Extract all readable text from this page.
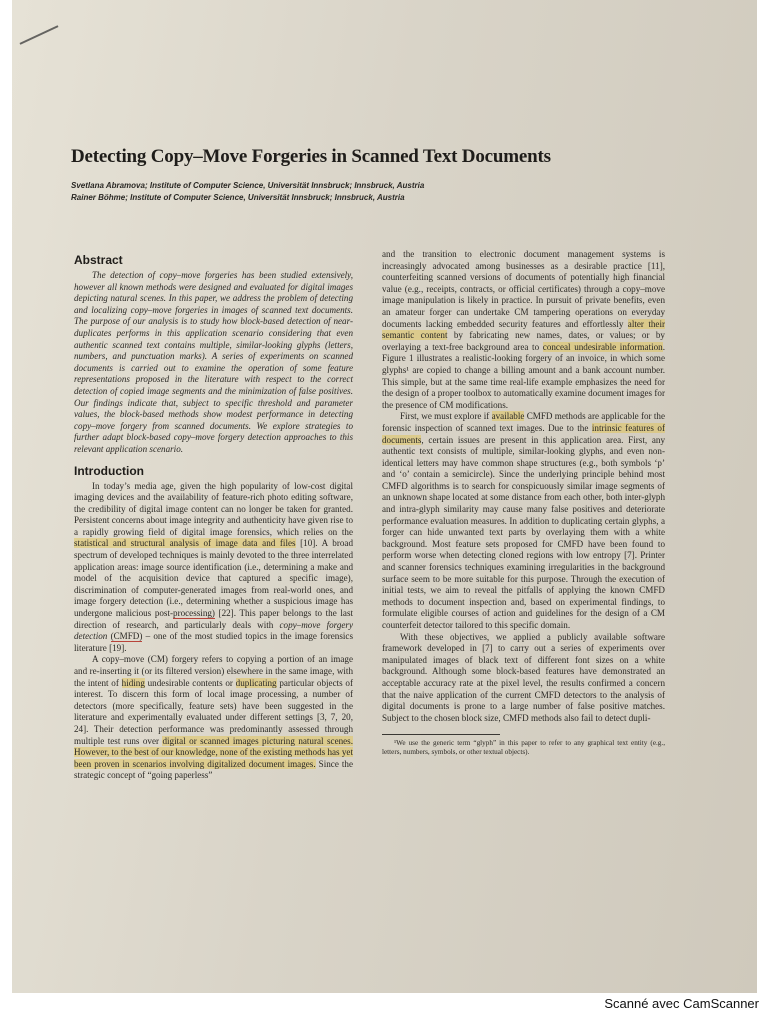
Detecting Copy–Move Forgeries in Scanned Text Documents
Svetlana Abramova; Institute of Computer Science, Universität Innsbruck; Innsbruck, Austria
Rainer Böhme; Institute of Computer Science, Universität Innsbruck; Innsbruck, Austria
Abstract

The detection of copy–move forgeries has been studied extensively, however all known methods were designed and evaluated for digital images depicting natural scenes. In this paper, we address the problem of detecting and localizing copy–move forgeries in images of scanned text documents. The purpose of our analysis is to study how block-based detection of near-duplicates performs in this application scenario considering that even authentic scanned text contains multiple, similar-looking glyphs (letters, numbers, and punctuation marks). A series of experiments on scanned documents is carried out to examine the operation of some feature representations proposed in the literature with respect to the correct detection of copied image segments and the minimization of false positives. Our findings indicate that, subject to specific threshold and parameter values, the block-based methods show modest performance in detecting copy–move forgery from scanned documents. We explore strategies to further adapt block-based copy–move forgery detection approaches to this relevant application scenario.

Introduction

In today’s media age, given the high popularity of low-cost digital imaging devices and the availability of feature-rich photo editing software, the credibility of digital image content can no longer be taken for granted. Persistent concerns about image integrity and authenticity have given rise to a rapidly growing field of digital image forensics, which relies on the statistical and structural analysis of image data and files [10]. A broad spectrum of developed techniques is mainly devoted to the three interrelated application areas: image source identification (i.e., determining a make and model of the acquisition device that captured a specific image), discrimination of computer-generated images from real-world ones, and image forgery detection (i.e., determining whether a suspicious image has undergone malicious post-processing) [22]. This paper belongs to the last direction of research, and particularly deals with copy–move forgery detection (CMFD) – one of the most studied topics in the image forensics literature [19].

A copy–move (CM) forgery refers to copying a portion of an image and re-inserting it (or its filtered version) elsewhere in the same image, with the intent of hiding undesirable contents or duplicating particular objects of interest. To discern this form of local image processing, a number of detectors (more specifically, feature sets) have been suggested in the literature and experimentally evaluated under different settings [3, 7, 20, 24]. Their detection performance was predominantly assessed through multiple test runs over digital or scanned images picturing natural scenes. However, to the best of our knowledge, none of the existing methods has yet been proven in scenarios involving digitalized document images. Since the strategic concept of “going paperless”

and the transition to electronic document management systems is increasingly advocated among businesses as a desirable practice [11], counterfeiting scanned versions of documents of potentially high financial value (e.g., receipts, contracts, or official certificates) through a copy–move image manipulation is likely in practice. In pursuit of private benefits, even an amateur forger can undertake CM tampering operations on everyday documents lacking embedded security features and effortlessly alter their semantic content by fabricating new names, dates, or values; or by overlaying a text-free background area to conceal undesirable information. Figure 1 illustrates a realistic-looking forgery of an invoice, in which some glyphs¹ are copied to change a billing amount and a bank account number. This simple, but at the same time real-life example emphasizes the need for the design of a proper toolbox to automatically examine document images for the presence of CM modifications.

First, we must explore if available CMFD methods are applicable for the forensic inspection of scanned text images. Due to the intrinsic features of documents, certain issues are present in this application area. First, any authentic text consists of multiple, similar-looking glyphs, and even non-identical letters may have common shape structures (e.g., both symbols ‘p’ and ‘o’ contain a semicircle). Since the underlying principle behind most CMFD algorithms is to search for conspicuously similar image segments of an unknown shape located at some distance from each other, both inter-glyph and intra-glyph similarity may cause many false positives and deteriorate performance evaluation measures. In addition to duplicating certain glyphs, a forger can hide unwanted text parts by overlaying them with a white background. Most feature sets proposed for CMFD have been found to perform worse when detecting cloned regions with low entropy [7]. Printer and scanner forensics techniques examining irregularities in the background surface seem to be more suitable for this purpose. Through the execution of initial tests, we aim to reveal the pitfalls of applying the known CMFD methods to document inspection and, based on experimental findings, to formulate eligible courses of action and guidelines for the design of a CM counterfeit detector tailored to this specific domain.

With these objectives, we applied a publicly available software framework developed in [7] to carry out a series of experiments over manipulated images of black text of different font sizes on a white background. Although some block-based features have demonstrated an acceptable accuracy rate at the pixel level, the results confirmed a concern that the naive application of the current CMFD detectors to the analysis of digital documents is prone to a large number of false positive matches. Subject to the chosen block size, CMFD methods also fail to detect dupli-

¹We use the generic term “glyph” in this paper to refer to any graphical text entity (e.g., letters, numbers, symbols, or other textual objects).

Scanné avec CamScanner
